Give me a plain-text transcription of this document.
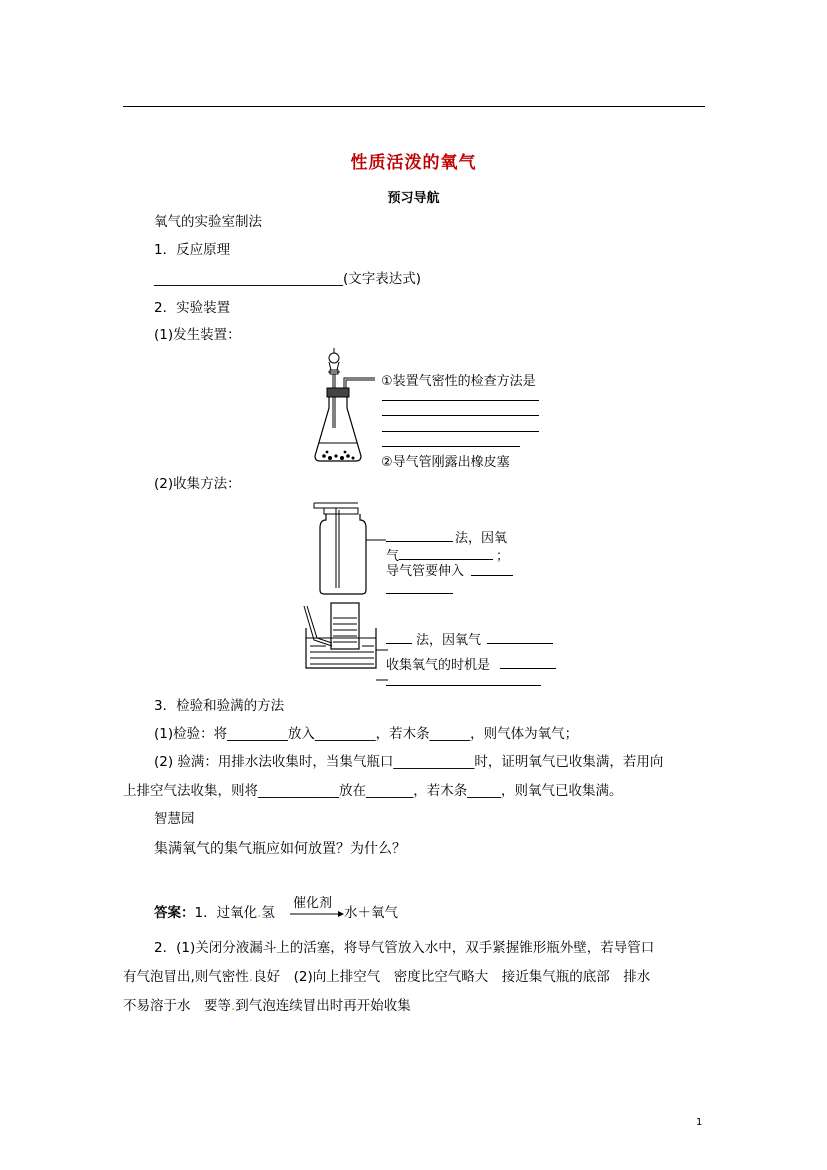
性质活泼的氧气
预习导航
氧气的实验室制法
1．反应原理
____________________________(文字表达式)
2．实验装置
(1)发生装置：
①装置气密性的检查方法是
②导气管刚露出橡皮塞
(2)收集方法：
法，因氧
气	；
导气管要伸入
法，因氧气
收集氧气的时机是
3．检验和验满的方法
(1)检验：将_________放入_________，若木条______，则气体为氧气；
(2) 验满：用排水法收集时，当集气瓶口____________时，证明氧气已收集满，若用向
上排空气法收集，则将____________放在_______，若木条_____，则氧气已收集满。
智慧园
集满氧气的集气瓶应如何放置？为什么？
答案：1．过氧化.氢
催化剂
水＋氧气
2．(1)关闭分液漏斗上的活塞，将导气管放入水中，双手紧握锥形瓶外壁，若导管口
有气泡冒出,则气密性.良好　(2)向上排空气　密度比空气略大　接近集气瓶的底部　排水
不易溶于水　要等.到气泡连续冒出时再开始收集
1
